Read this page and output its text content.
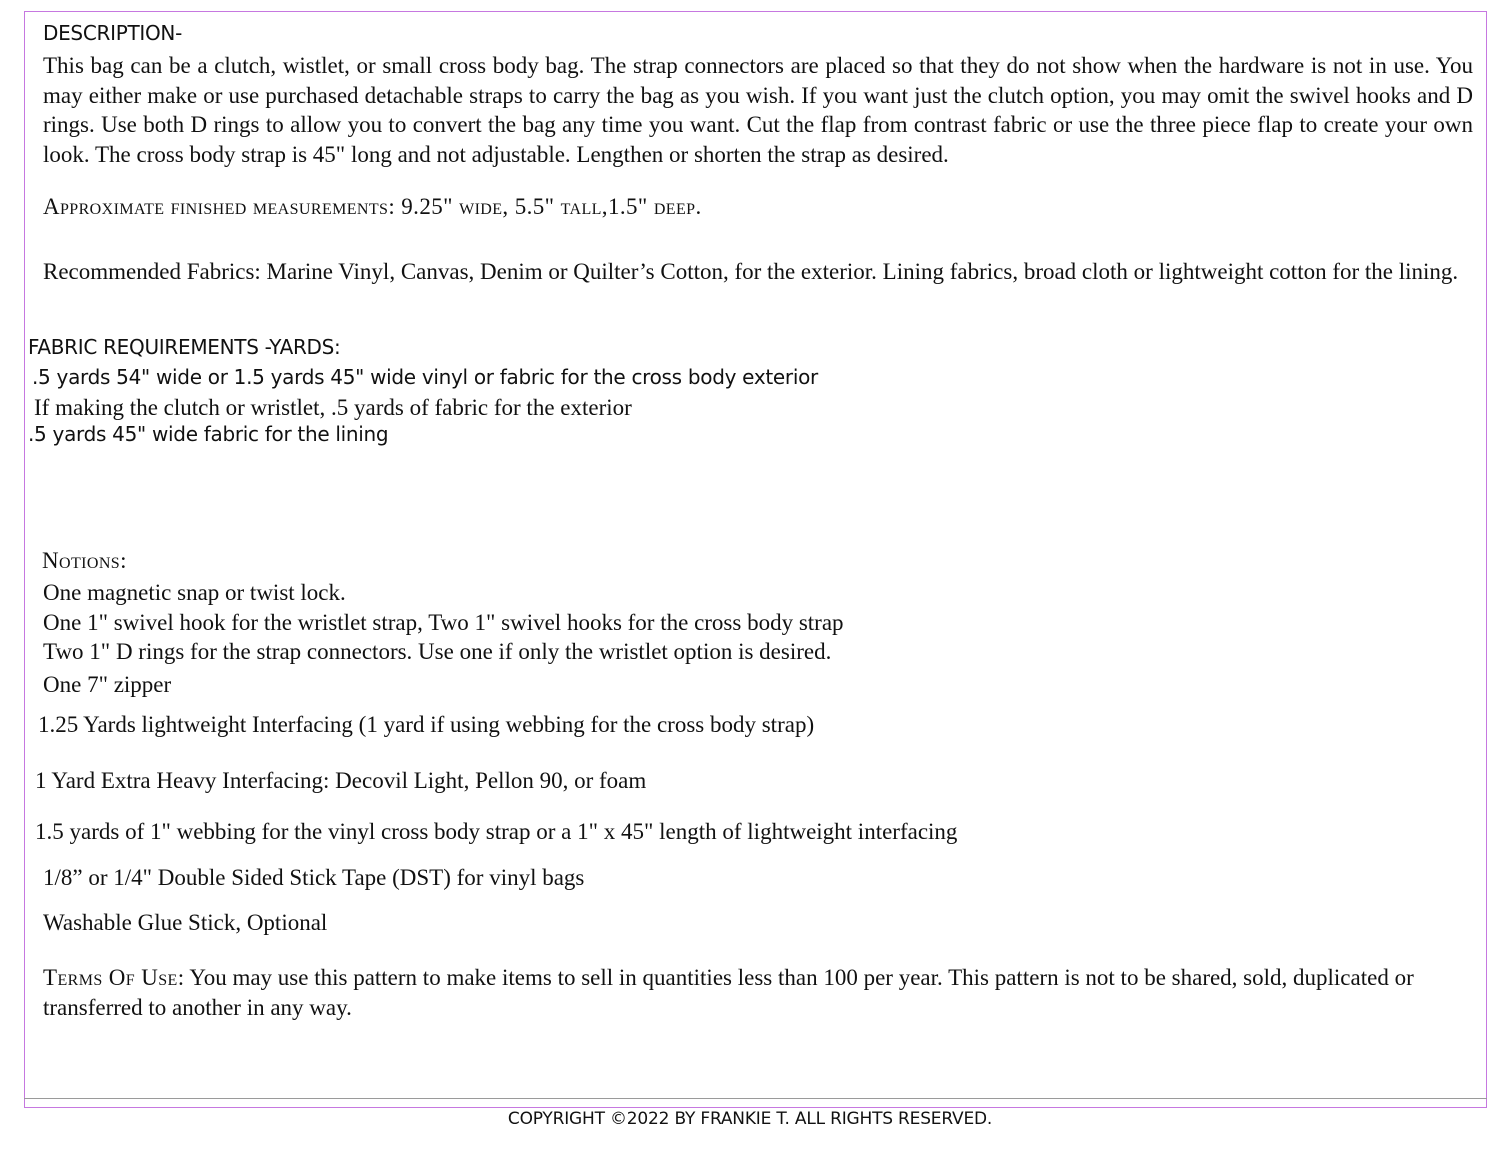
DESCRIPTION-
This bag can be a clutch, wistlet, or small cross body bag. The strap connectors are placed so that they do not show when the hardware is not in use. You may either make or use purchased detachable straps to carry the bag as you wish. If you want just the clutch option, you may omit the swivel hooks and D rings. Use both D rings to allow you to convert the bag any time you want. Cut the flap from contrast fabric or use the three piece flap to create your own look. The cross body strap is 45" long and not adjustable. Lengthen or shorten the strap as desired.
Approximate finished measurements: 9.25" wide, 5.5" tall,1.5" deep.
Recommended Fabrics: Marine Vinyl, Canvas, Denim or Quilter’s Cotton, for the exterior. Lining fabrics, broad cloth or lightweight cotton for the lining.
FABRIC REQUIREMENTS -YARDS:
.5 yards 54" wide or 1.5 yards 45" wide vinyl or fabric for the cross body exterior
If making the clutch or wristlet, .5 yards of fabric for the exterior
.5 yards 45" wide fabric for the lining
Notions:
One magnetic snap or twist lock.
One 1" swivel hook for the wristlet strap, Two 1" swivel hooks for the cross body strap
Two 1" D rings for the strap connectors. Use one if only the wristlet option is desired.
One 7" zipper
1.25 Yards lightweight Interfacing (1 yard if using webbing for the cross body strap)
1 Yard Extra Heavy Interfacing: Decovil Light, Pellon 90, or foam
1.5 yards of 1" webbing for the vinyl cross body strap or a 1" x 45" length of lightweight interfacing
1/8” or 1/4" Double Sided Stick Tape (DST) for vinyl bags
Washable Glue Stick, Optional
Terms Of Use: You may use this pattern to make items to sell in quantities less than 100 per year. This pattern is not to be shared, sold, duplicated or transferred to another in any way.
COPYRIGHT ©2022 BY FRANKIE T. ALL RIGHTS RESERVED.
